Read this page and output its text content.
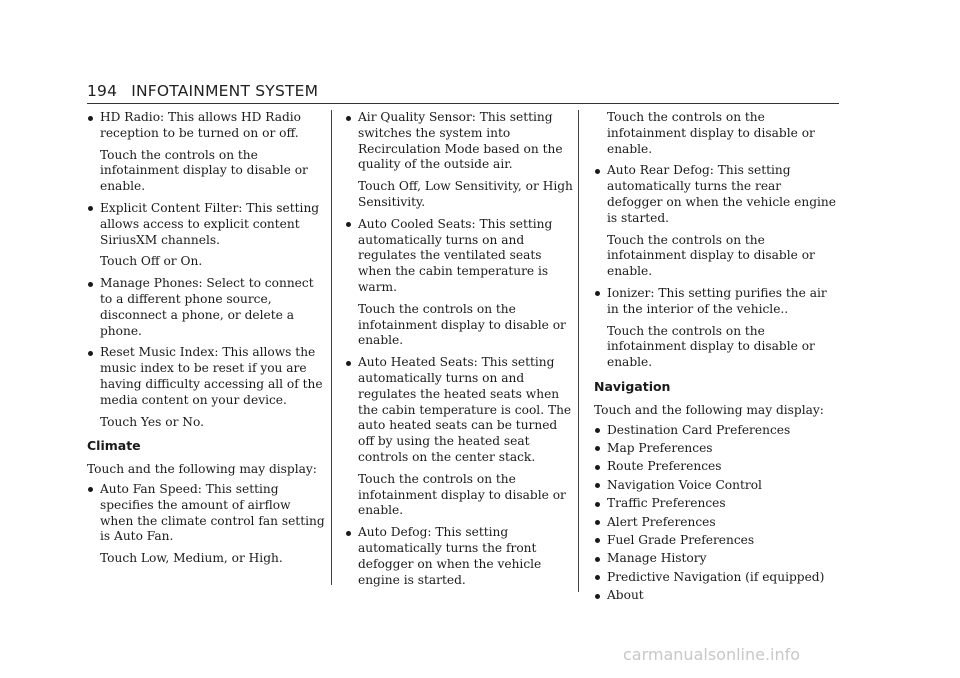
194 INFOTAINMENT SYSTEM
HD Radio: This allows HD Radio reception to be turned on or off.
Touch the controls on the infotainment display to disable or enable.
Explicit Content Filter: This setting allows access to explicit content SiriusXM channels.
Touch Off or On.
Manage Phones: Select to connect to a different phone source, disconnect a phone, or delete a phone.
Reset Music Index: This allows the music index to be reset if you are having difficulty accessing all of the media content on your device.
Touch Yes or No.
Climate
Touch and the following may display:
Auto Fan Speed: This setting specifies the amount of airflow when the climate control fan setting is Auto Fan.
Touch Low, Medium, or High.
Air Quality Sensor: This setting switches the system into Recirculation Mode based on the quality of the outside air.
Touch Off, Low Sensitivity, or High Sensitivity.
Auto Cooled Seats: This setting automatically turns on and regulates the ventilated seats when the cabin temperature is warm.
Touch the controls on the infotainment display to disable or enable.
Auto Heated Seats: This setting automatically turns on and regulates the heated seats when the cabin temperature is cool. The auto heated seats can be turned off by using the heated seat controls on the center stack.
Touch the controls on the infotainment display to disable or enable.
Auto Defog: This setting automatically turns the front defogger on when the vehicle engine is started.
Touch the controls on the infotainment display to disable or enable.
Auto Rear Defog: This setting automatically turns the rear defogger on when the vehicle engine is started.
Touch the controls on the infotainment display to disable or enable.
Ionizer: This setting purifies the air in the interior of the vehicle..
Touch the controls on the infotainment display to disable or enable.
Navigation
Touch and the following may display:
Destination Card Preferences
Map Preferences
Route Preferences
Navigation Voice Control
Traffic Preferences
Alert Preferences
Fuel Grade Preferences
Manage History
Predictive Navigation (if equipped)
About
carmanualsonline.info
